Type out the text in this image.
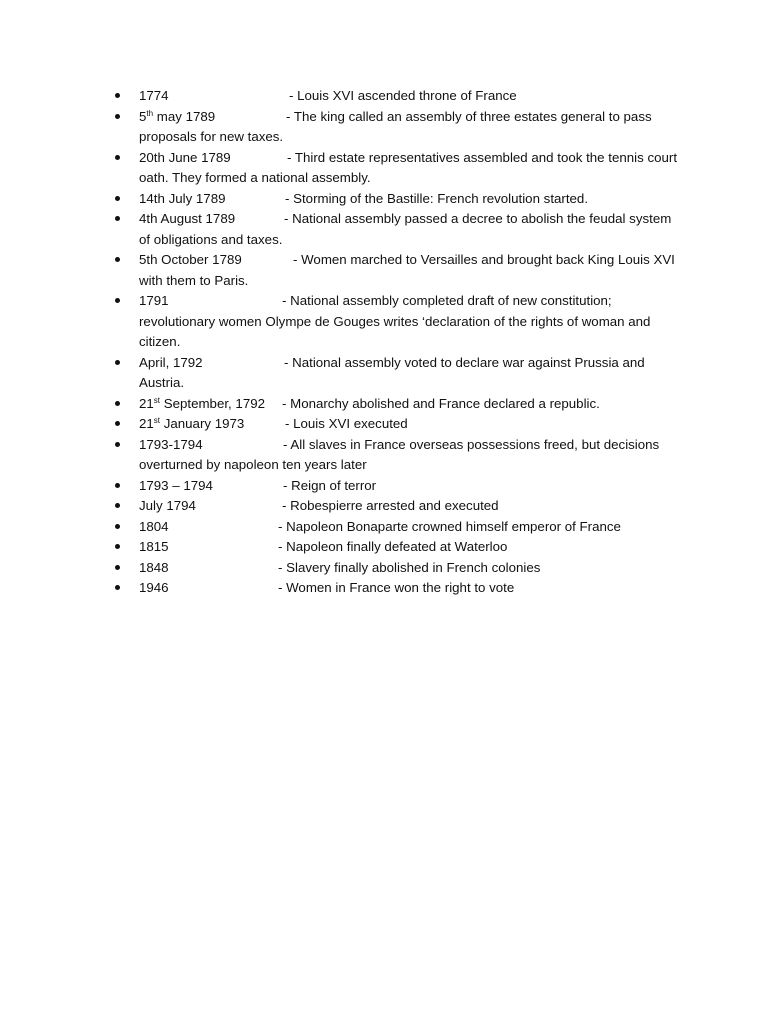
1774	- Louis XVI ascended throne of France
5th may 1789	- The king called an assembly of three estates general to pass proposals for new taxes.
20th June 1789	- Third estate representatives assembled and took the tennis court oath. They formed a national assembly.
14th July 1789	- Storming of the Bastille: French revolution started.
4th August 1789	- National assembly passed a decree to abolish the feudal system of obligations and taxes.
5th October 1789	- Women marched to Versailles and brought back King Louis XVI with them to Paris.
1791	- National assembly completed draft of new constitution; revolutionary women Olympe de Gouges writes ‘declaration of the rights of woman and citizen.
April, 1792	- National assembly voted to declare war against Prussia and Austria.
21st September, 1792 - Monarchy abolished and France declared a republic.
21st January 1973	- Louis XVI executed
1793-1794	- All slaves in France overseas possessions freed, but decisions overturned by napoleon ten years later
1793 – 1794	- Reign of terror
July 1794	- Robespierre arrested and executed
1804	- Napoleon Bonaparte crowned himself emperor of France
1815	- Napoleon finally defeated at Waterloo
1848	- Slavery finally abolished in French colonies
1946	- Women in France won the right to vote
